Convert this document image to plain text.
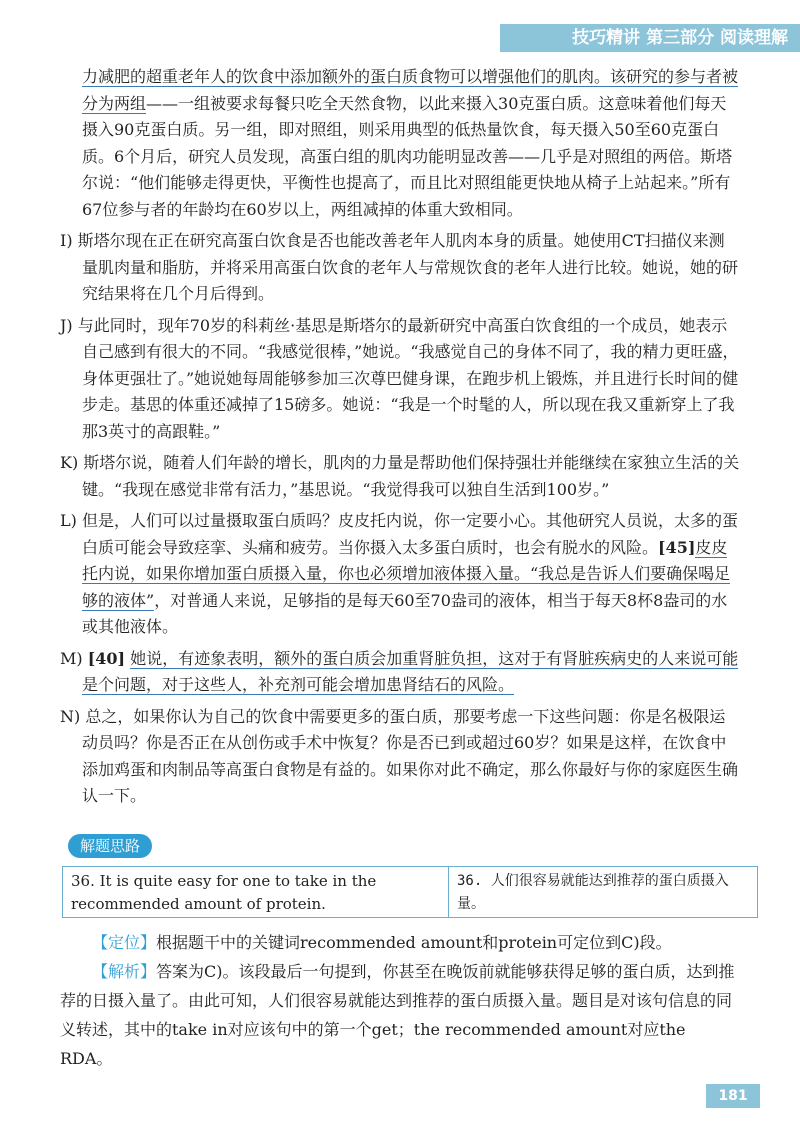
技巧精讲 第三部分 阅读理解

力减肥的超重老年人的饮食中添加额外的蛋白质食物可以增强他们的肌肉。该研究的参与者被分为两组——一组被要求每餐只吃全天然食物，以此来摄入30克蛋白质。这意味着他们每天摄入90克蛋白质。另一组，即对照组，则采用典型的低热量饮食，每天摄入50至60克蛋白质。6个月后，研究人员发现，高蛋白组的肌肉功能明显改善——几乎是对照组的两倍。斯塔尔说：“他们能够走得更快，平衡性也提高了，而且比对照组能更快地从椅子上站起来。”所有67位参与者的年龄均在60岁以上，两组减掉的体重大致相同。

I) 斯塔尔现在正在研究高蛋白饮食是否也能改善老年人肌肉本身的质量。她使用CT扫描仪来测量肌肉量和脂肪，并将采用高蛋白饮食的老年人与常规饮食的老年人进行比较。她说，她的研究结果将在几个月后得到。

J) 与此同时，现年70岁的科莉丝·基思是斯塔尔的最新研究中高蛋白饮食组的一个成员，她表示自己感到有很大的不同。“我感觉很棒，”她说。“我感觉自己的身体不同了，我的精力更旺盛，身体更强壮了。”她说她每周能够参加三次尊巴健身课，在跑步机上锻炼，并且进行长时间的健步走。基思的体重还减掉了15磅多。她说：“我是一个时髦的人，所以现在我又重新穿上了我那3英寸的高跟鞋。”

K) 斯塔尔说，随着人们年龄的增长，肌肉的力量是帮助他们保持强壮并能继续在家独立生活的关键。“我现在感觉非常有活力，”基思说。“我觉得我可以独自生活到100岁。”

L) 但是，人们可以过量摄取蛋白质吗？皮皮托内说，你一定要小心。其他研究人员说，太多的蛋白质可能会导致痉挛、头痛和疲劳。当你摄入太多蛋白质时，也会有脱水的风险。[45]皮皮托内说，如果你增加蛋白质摄入量，你也必须增加液体摄入量。“我总是告诉人们要确保喝足够的液体”，对普通人来说，足够指的是每天60至70盎司的液体，相当于每天8杯8盎司的水或其他液体。

M) [40] 她说，有迹象表明，额外的蛋白质会加重肾脏负担，这对于有肾脏疾病史的人来说可能是个问题，对于这些人，补充剂可能会增加患肾结石的风险。

N) 总之，如果你认为自己的饮食中需要更多的蛋白质，那要考虑一下这些问题：你是名极限运动员吗？你是否正在从创伤或手术中恢复？你是否已到或超过60岁？如果是这样，在饮食中添加鸡蛋和肉制品等高蛋白食物是有益的。如果你对此不确定，那么你最好与你的家庭医生确认一下。

解题思路
36. It is quite easy for one to take in the recommended amount of protein.
36. 人们很容易就能达到推荐的蛋白质摄入量。

【定位】根据题干中的关键词recommended amount和protein可定位到C)段。

【解析】答案为C)。该段最后一句提到，你甚至在晚饭前就能够获得足够的蛋白质，达到推荐的日摄入量了。由此可知，人们很容易就能达到推荐的蛋白质摄入量。题目是对该句信息的同义转述，其中的take in对应该句中的第一个get；the recommended amount对应the RDA。

181
